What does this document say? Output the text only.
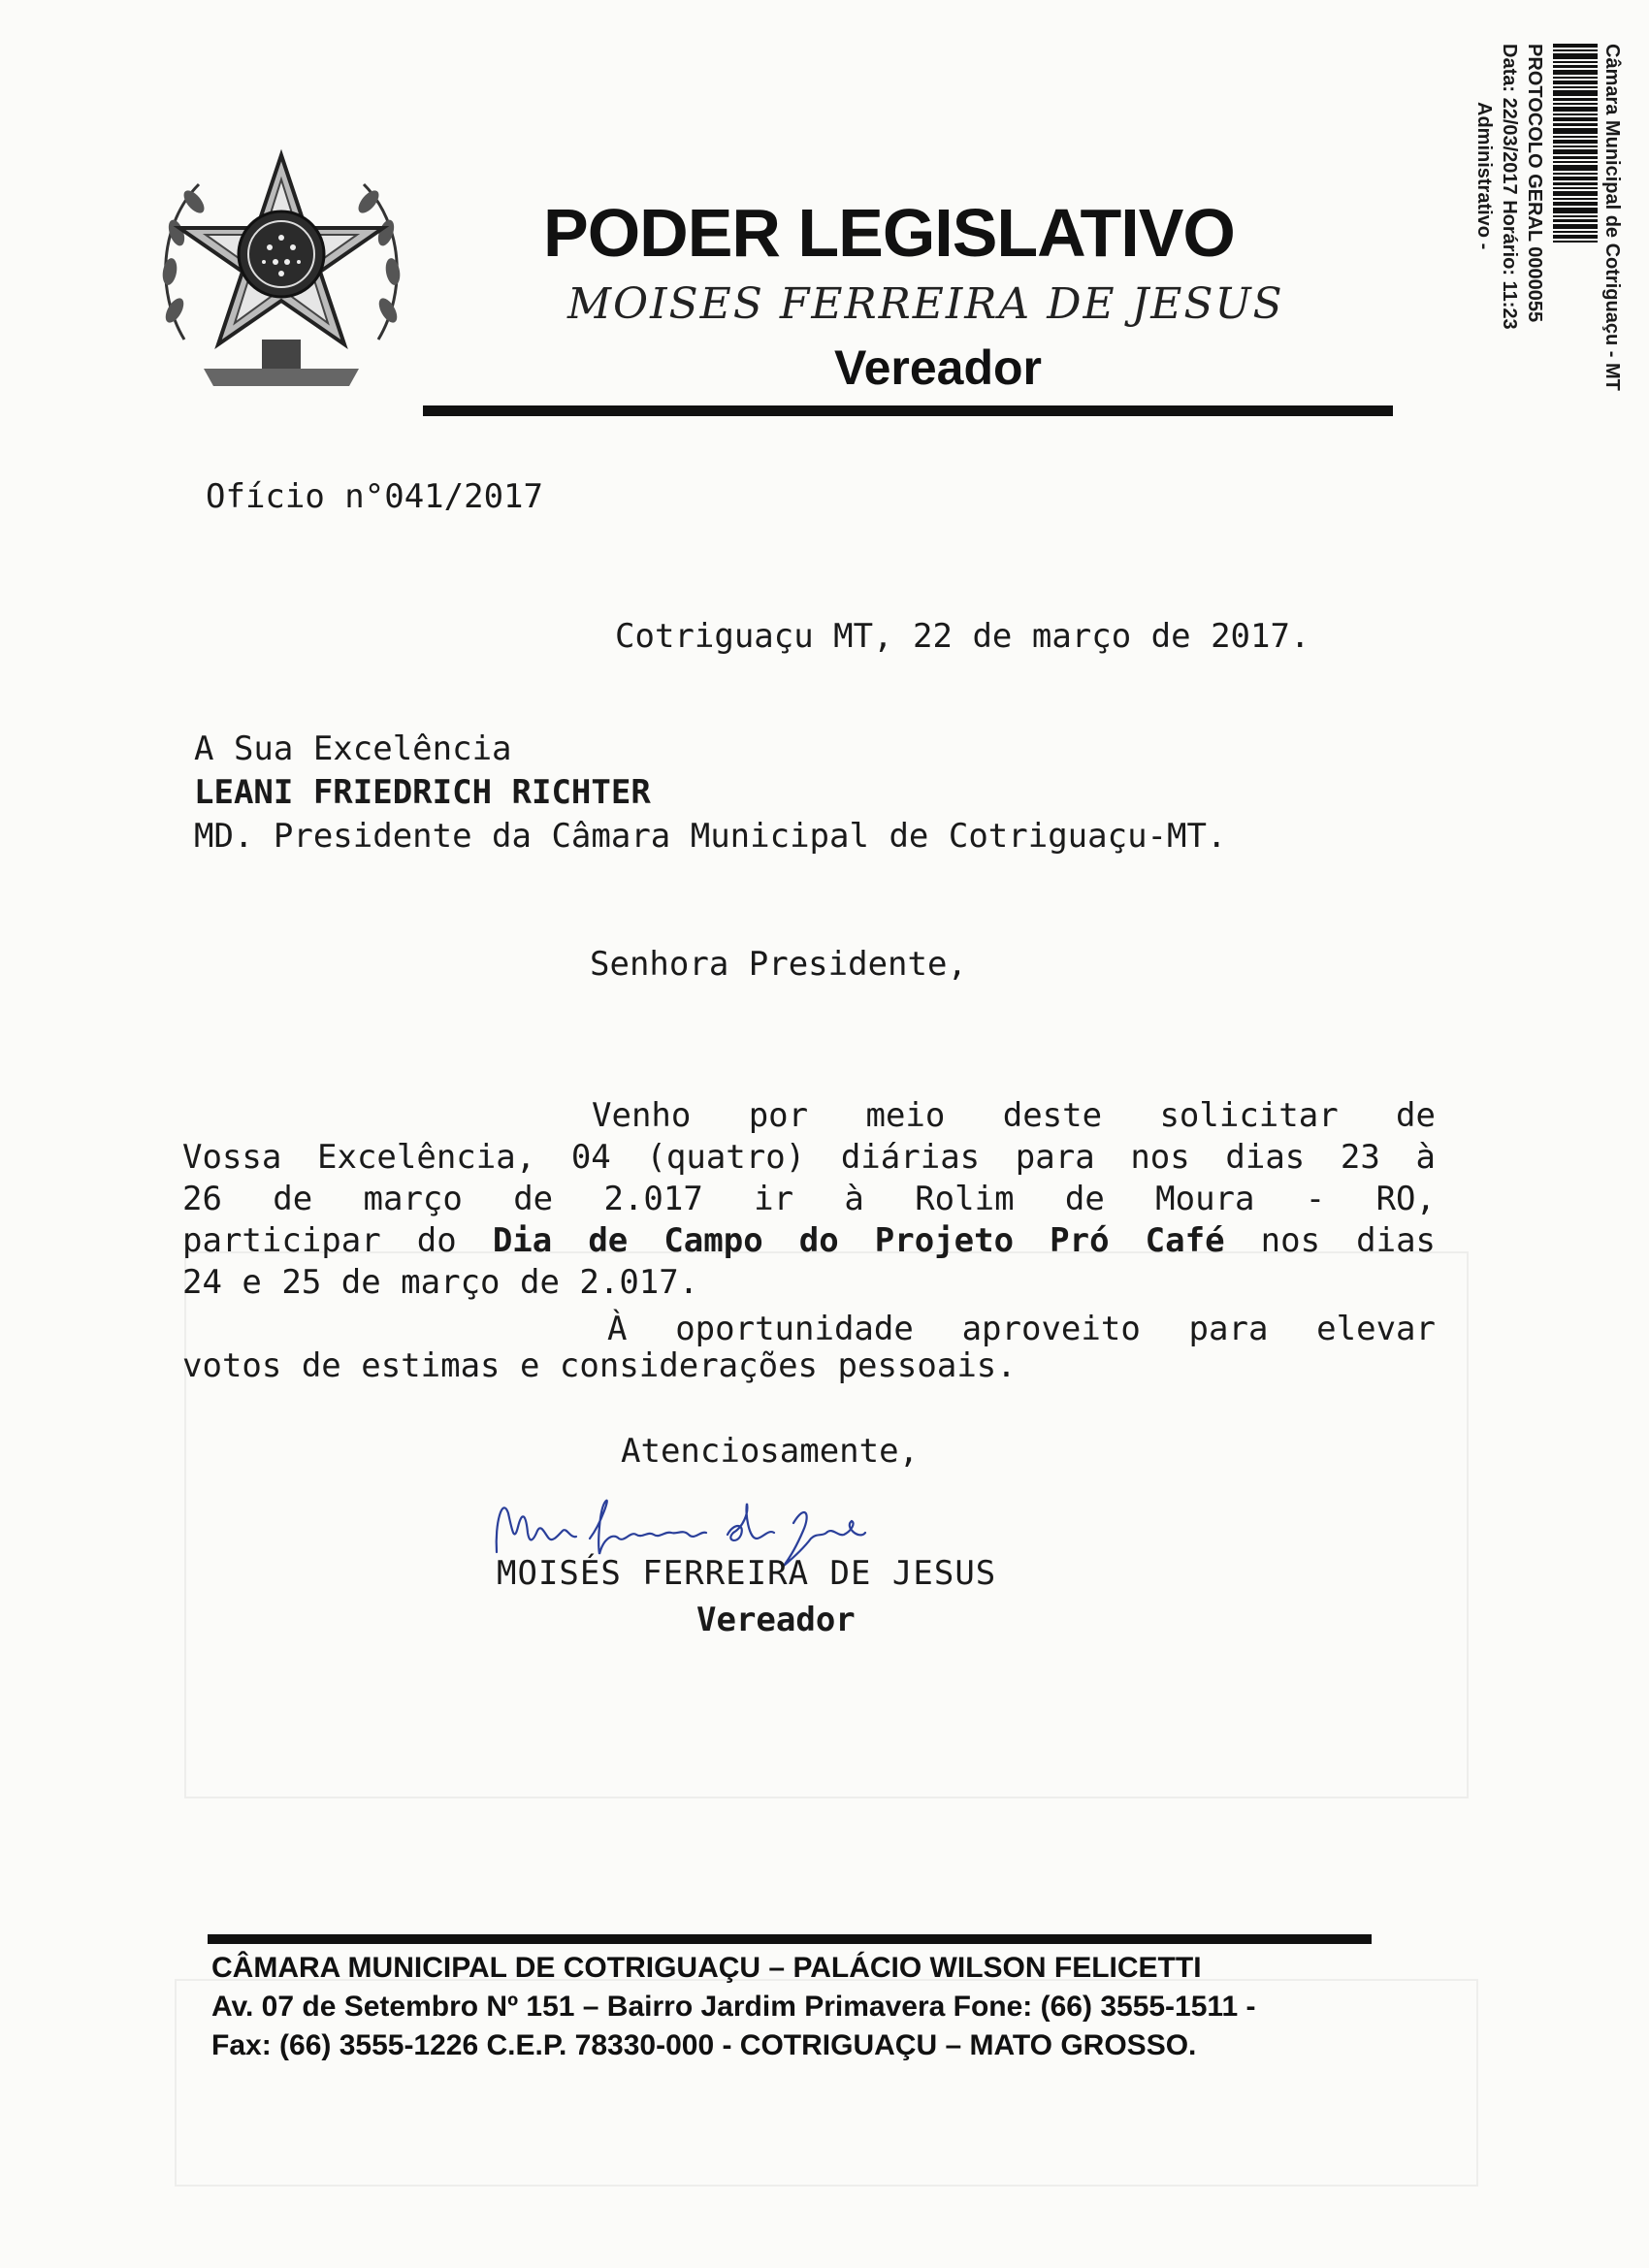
PODER LEGISLATIVO
MOISES FERREIRA DE JESUS
Vereador	Câmara Municipal de Cotriguaçu - MT
PROTOCOLO GERAL 0000055
Data: 22/03/2017 Horário: 11:23
Administrativo -
Ofício n°041/2017
Cotriguaçu MT, 22 de março de 2017.
A Sua Excelência
LEANI FRIEDRICH RICHTER
MD. Presidente da Câmara Municipal de Cotriguaçu-MT.
Senhora Presidente,
Venho por meio deste solicitar de
Vossa Excelência, 04 (quatro) diárias para nos dias 23 à
26 de março de 2.017 ir à Rolim de Moura - RO,
participar do Dia de Campo do Projeto Pró Café nos dias
24 e 25 de março de 2.017.
À oportunidade aproveito para elevar
votos de estimas e considerações pessoais.
Atenciosamente,
MOISÉS FERREIRA DE JESUS
Vereador
CÂMARA MUNICIPAL DE COTRIGUAÇU – PALÁCIO WILSON FELICETTI
Av. 07 de Setembro Nº 151 – Bairro Jardim Primavera Fone: (66) 3555-1511 -
Fax: (66) 3555-1226 C.E.P. 78330-000 - COTRIGUAÇU – MATO GROSSO.
